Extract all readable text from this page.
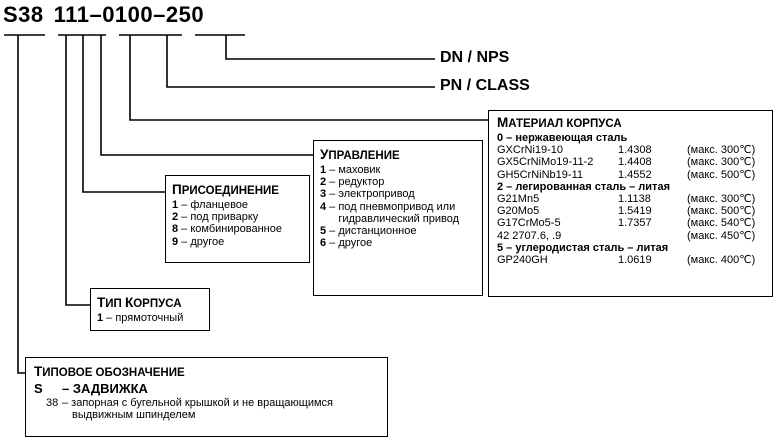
S38 111–0100–250
DN / NPS
PN / CLASS
МАТЕРИАЛ КОРПУСА
0 – нержавеющая сталь
GXCrNi19-10	1.4308	(макс. 300℃)
GX5CrNiMo19-11-2 1.4408	(макс. 300℃)
GH5CrNiNb19-11	1.4552	(макс. 500℃)
2 – легированная сталь – литая
G21Mn5	1.1138	(макс. 300℃)
G20Mo5	1.5419	(макс. 500℃)
G17CrMo5-5	1.7357	(макс. 540℃)
42 2707.6, .9	(макс. 450℃)
5 – углеродистая сталь – литая
GP240GH	1.0619	(макс. 400℃)
УПРАВЛЕНИЕ
1 – маховик
2 – редуктор
3 – электропривод
4 – под пневмопривод или
гидравлический привод
5 – дистанционное
6 – другое
ПРИСОЕДИНЕНИЕ
1 – фланцевое
2 – под приварку
8 – комбинированное
9 – другое
ТИП КОРПУСА
1 – прямоточный
ТИПОВОЕ ОБОЗНАЧЕНИЕ
S – ЗАДВИЖКА
38 – запорная с бугельной крышкой и не вращающимся
выдвижным шпинделем
